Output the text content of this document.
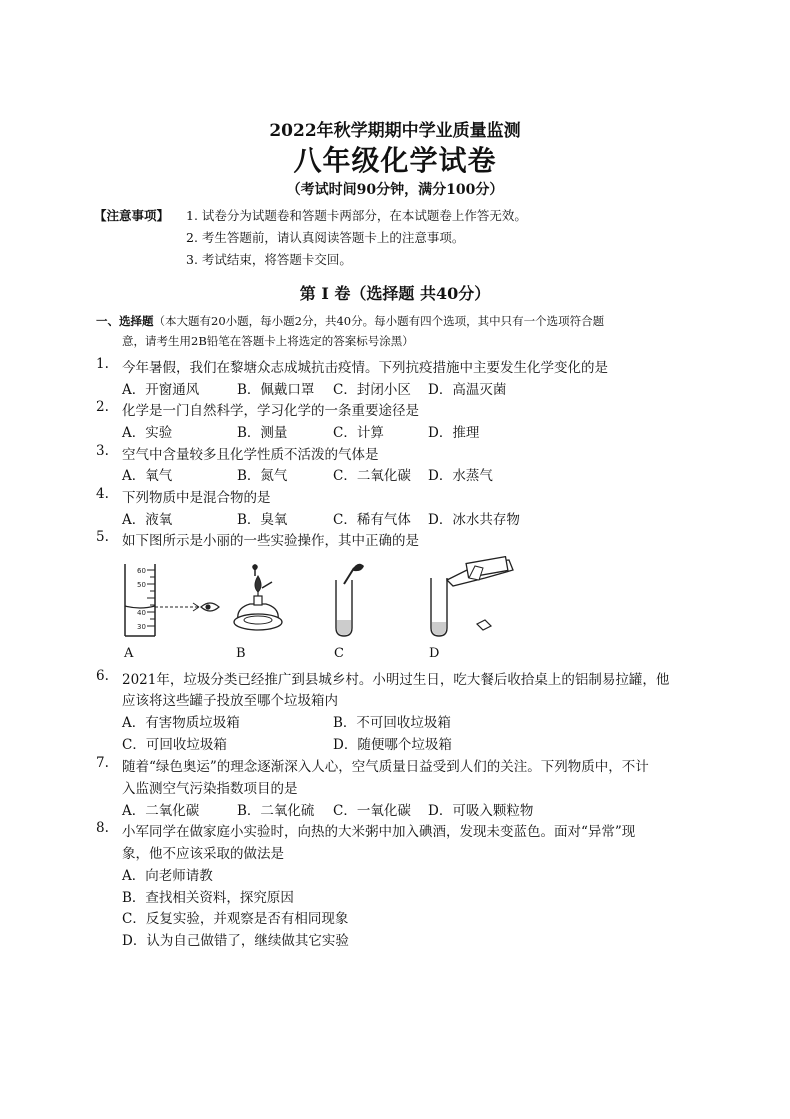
2022年秋学期期中学业质量监测
八年级化学试卷
（考试时间90分钟，满分100分）
【注意事项】 1. 试卷分为试题卷和答题卡两部分，在本试题卷上作答无效。
2. 考生答题前，请认真阅读答题卡上的注意事项。
3. 考试结束，将答题卡交回。
第 I 卷（选择题 共40分）
一、选择题（本大题有20小题，每小题2分，共40分。每小题有四个选项，其中只有一个选项符合题
意，请考生用2B铅笔在答题卡上将选定的答案标号涂黑）
1. 今年暑假，我们在黎塘众志成城抗击疫情。下列抗疫措施中主要发生化学变化的是
A．开窗通风	B．佩戴口罩 C．封闭小区 D．高温灭菌
2. 化学是一门自然科学，学习化学的一条重要途径是
A．实验	B．测量	C．计算	D．推理
3. 空气中含量较多且化学性质不活泼的气体是
A．氧气	B．氮气	C．二氧化碳 D．水蒸气
4. 下列物质中是混合物的是
A．液氧	B．臭氧	C．稀有气体 D．冰水共存物
5. 如下图所示是小丽的一些实验操作，其中正确的是
60
50
40
30
A	B	C	D
6. 2021年，垃圾分类已经推广到县城乡村。小明过生日，吃大餐后收拾桌上的铝制易拉罐，他
应该将这些罐子投放至哪个垃圾箱内
A．有害物质垃圾箱	B．不可回收垃圾箱
C．可回收垃圾箱	D．随便哪个垃圾箱
7. 随着“绿色奥运”的理念逐渐深入人心，空气质量日益受到人们的关注。下列物质中，不计
入监测空气污染指数项目的是
A．二氧化碳	B．二氧化硫 C．一氧化碳 D．可吸入颗粒物
8. 小军同学在做家庭小实验时，向热的大米粥中加入碘酒，发现未变蓝色。面对“异常”现
象，他不应该采取的做法是
A．向老师请教
B．查找相关资料，探究原因
C．反复实验，并观察是否有相同现象
D．认为自己做错了，继续做其它实验
